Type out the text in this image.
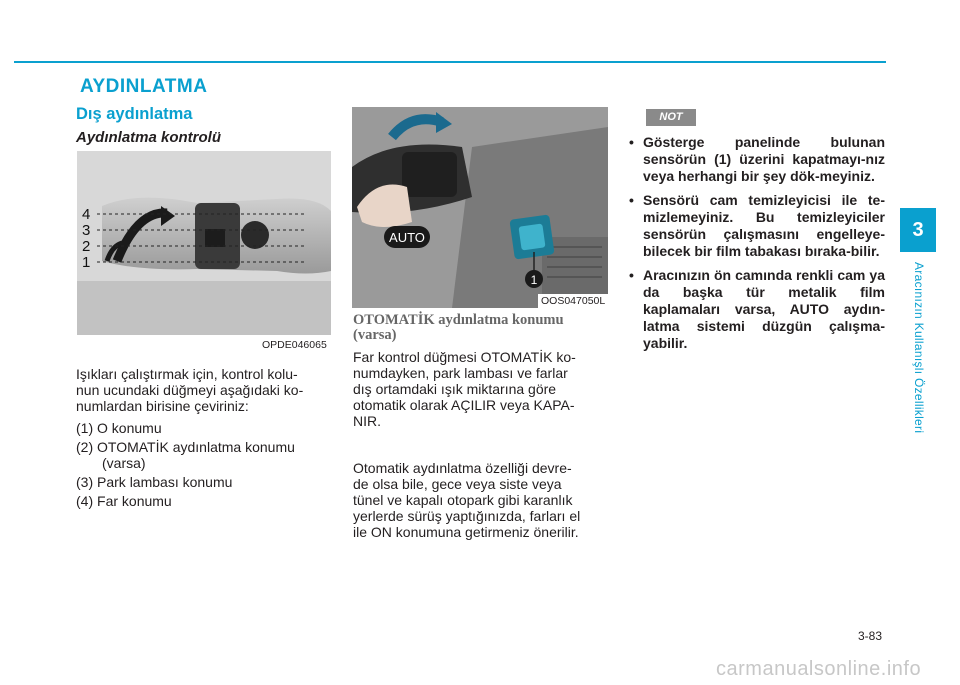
AYDINLATMA
Dış aydınlatma
Aydınlatma kontrolü
4
3
2
1
OPDE046065
AUTO
1
OOS047050L

Işıkları çalıştırmak için, kontrol kolu-

nun ucundaki düğmeyi aşağıdaki ko-

numlardan birisine çeviriniz:

(1) O konumu
(2) OTOMATİK aydınlatma konumu
(varsa)
(3) Park lambası konumu
(4) Far konumu
OTOMATİK aydınlatma konumu
(varsa)

Far kontrol düğmesi OTOMATİK ko-

numdayken, park lambası ve farlar

dış ortamdaki ışık miktarına göre

otomatik olarak AÇILIR veya KAPA-

NIR.

Otomatik aydınlatma özelliği devre-

de olsa bile, gece veya siste veya

tünel ve kapalı otopark gibi karanlık

yerlerde sürüş yaptığınızda, farları el

ile ON konumuna getirmeniz önerilir.

NOT
• Gösterge panelinde bulunan sensörün (1) üzerini kapatmayı-nız veya herhangi bir şey dök-meyiniz.
• Sensörü cam temizleyicisi ile te-mizlemeyiniz. Bu temizleyiciler sensörün çalışmasını engelleye-bilecek bir film tabakası bıraka-bilir.
• Aracınızın ön camında renkli cam ya da başka tür metalik film kaplamaları varsa, AUTO aydın-latma sistemi düzgün çalışma-yabilir.
3
Aracınızın Kullanışlı Özellikleri
3-83
carmanualsonline.info
